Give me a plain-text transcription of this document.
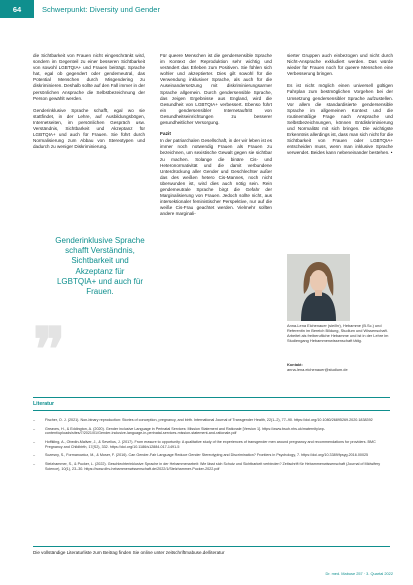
64	Schwerpunkt: Diversity und Gender

die Sichtbarkeit von Frauen nicht eingeschränkt wird, sondern im Gegenteil zu einer besseren Sichtbarkeit von sowohl LGBTQIA+ und Frauen beiträgt. Sprache hat, egal ob gegendert oder gendemeutral, das Potential Menschen durch Misgendering zu diskriminieren. Deshalb sollte auf den Fall immer in der persönlichen Ansprache die Selbstbezeichnung der Person gewählt werden.

Genderinklusive Sprache schafft, egal wo sie stattfindet, in der Lehre, auf Ausbildungsbögen, Internetseiten, im persönlichen Gespräch usw. Verständnis, Sichtbarkeit und Akzeptanz für LGBTQIA+ und auch für Frauen. Sie führt durch Normalisierung zum Abbau von Stereotypen und dadurch zu weniger Diskriminierung.

Genderinklusive Sprache schafft Verständnis, Sichtbarkeit und Akzeptanz für LGBTQIA+ und auch für Frauen.
❞

Für queere Menschen ist die gendersensible Sprache im Kontext der Reproduktion sehr wichtig und verändert das Erleben zum Positiven. Sie fühlen sich wohler und akzeptierter. Dies gilt sowohl für die Verwendung inklusiver Sprache, als auch für die Auseinandersetzung mit diskriminierungsarmer Sprache allgemein. Durch gendersensible Sprache, das zeigen Ergebnisse aus England, wird die Gesundheit von LGBTQIA+ verbessert. Ebenso führt ein gendersensibler Internetauftritt von Gesundheitseinrichtungen zu besserer gesundheitlicher Versorgung.

Fazit

In der patriarchalen Gesellschaft, in der wir leben ist es immer noch notwendig Frauen als Frauen zu bezeichnen, um sexistische Gewalt gegen sie sichtbar zu machen. Solange die binäre Cis- und Heteronormativität und die damit verbundene Unterdrückung aller Gender und Geschlechter außer das des weißen hetero Cis-Mannes, noch nicht überwunden ist, wird dies auch nötig sein. Rein gendemeutrale Sprache birgt die Gefahr der Marginalisierung von Frauen. Jedoch sollte nicht, aus intersektionaler feministischer Perspektive, nur auf die weiße Cis-Frau geachtet werden. Vielmehr sollten andere marginali-

sierter Gruppen auch einbezogen und nicht durch Nicht-Ansprache exkludiert werden. Das würde wieder für Frauen noch für queere Menschen eine Verbesserung bringen.

Es ist nicht möglich einen universell gültigen Fahrplan zum bestmöglichen Vorgehen bei der Umsetzung gendersensibler Sprache aufzustellen. Vor allem die standardisierte gendersensible Sprache im allgemeinen Kontext und die routinemäßige Frage nach Ansprache und Selbstbezeichnungen, können Entdiskriminierung und Normalität mit sich bringen. Die wichtigste Erkenntnis allerdings ist, dass man sich nicht für die Sichtbarkeit von Frauen oder LGBTQIA+ entscheiden muss, wenn man inklusive Sprache verwendet. Beides kann nebeneinander bestehen. •

Anna-Lena Eichenauer (sie/ihr), Hebamme (B.Sc.) und Referentin im Bereich Bildung, Studium und Wissenschaft. Arbeitet als freiberufliche Hebamme und ist in der Lehre im Studiengang Hebammenwissenschaft tätig.
Kontakt:
anna-lena.eichenauer@studium.de
Literatur
–	Fischer, O. J. (2021). Non-binary reproduction: Stories of conception, pregnancy, and birth. International Journal of Transgender Health, 22(1–2), 77–90. https://doi.org/10.1080/26895269.2020.1838392
–	Greaves, H., & Eddington, A. (2020). Gender inclusive Language in Perinatal Services: Mission Statement and Rationale [Version 1]. https://www.bsuh.nhs.uk/maternity/wp-content/uploads/sites/7/2021/01/Gender-inclusive-language-in-perinatal-services-mission-statement-and-rationale.pdf
–	Hoffkling, A., Obedin-Maliver, J., & Sevelius, J. (2017). From erasure to opportunity: A qualitative study of the experiences of transgender men around pregnancy and recommendations for providers. BMC Pregnancy and Childbirth, 17(S2), 332. https://doi.org/10.1186/s12884-017-1491-5
–	Sczesny, S., Formanowicz, M., & Moser, F. (2016). Can Gender-Fair Language Reduce Gender Stereotyping and Discrimination? Frontiers in Psychology, 7. https://doi.org/10.3389/fpsyg.2016.00025
–	Stelzhammer, S., & Pucker, L. (2022). Geschlechterinklusive Sprache in der Hebammenarbeit: Wie lässt sich Schutz und Sichtbarkeit verbinden? Zeitschrift für Hebammenwissenschaft (Journal of Midwifery Science), 10(1), 23–30. https://www.dhv-hebammenwissenschaft.de/2022/1/Stelzhammer-Pucker-2022.pdf
Die vollständige Literaturliste zum Beitrag finden Sie online unter zeitschriftmabuse.de/literatur
Dr. med. Mabuse 257 · 3. Quartal 2022
